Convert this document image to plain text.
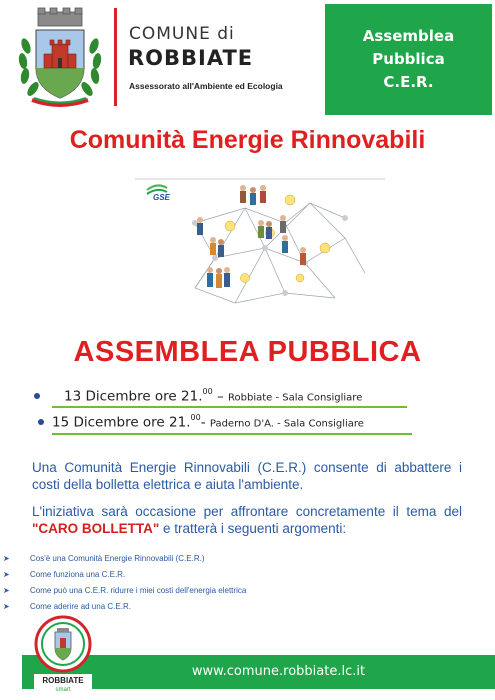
COMUNE di
ROBBIATE
Assessorato all'Ambiente ed Ecologia
Assemblea
Pubblica
C.E.R.
Comunità Energie Rinnovabili
GSE
ASSEMBLEA PUBBLICA
13 Dicembre ore 21.00 – Robbiate - Sala Consigliare
15 Dicembre ore 21.00- Paderno D'A. - Sala Consigliare
Una Comunità Energie Rinnovabili (C.E.R.) consente di abbattere i costi della bolletta elettrica e aiuta l'ambiente.
L'iniziativa sarà occasione per affrontare concretamente il tema del "CARO BOLLETTA" e tratterà i seguenti argomenti:
➤	Cos'è una Comunità Energie Rinnovabili (C.E.R.)
➤	Come funziona una C.E.R.
➤	Come può una C.E.R. ridurre i miei costi dell'energia elettrica
➤	Come aderire ad una C.E.R.
www.comune.robbiate.lc.it
ROBBIATE
smart
